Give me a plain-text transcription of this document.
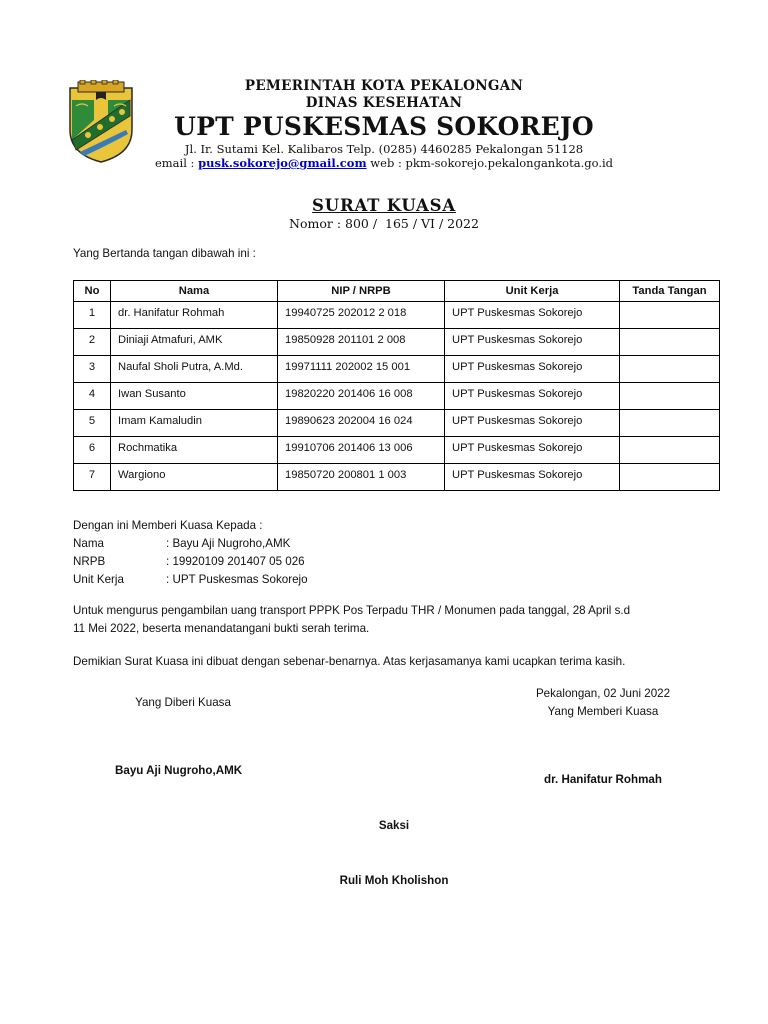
PEMERINTAH KOTA PEKALONGAN
DINAS KESEHATAN
UPT PUSKESMAS SOKOREJO
Jl. Ir. Sutami Kel. Kalibaros Telp. (0285) 4460285 Pekalongan 51128
email : pusk.sokorejo@gmail.com web : pkm-sokorejo.pekalongankota.go.id
SURAT KUASA
Nomor : 800 /  165 / VI / 2022
Yang Bertanda tangan dibawah ini :
No	Nama	NIP / NRPB	Unit Kerja	Tanda Tangan
1	dr. Hanifatur Rohmah	19940725 202012 2 018	UPT Puskesmas Sokorejo	
2	Diniaji Atmafuri, AMK	19850928 201101 2 008	UPT Puskesmas Sokorejo	
3	Naufal Sholi Putra, A.Md.	19971111 202002 15 001	UPT Puskesmas Sokorejo	
4	Iwan Susanto	19820220 201406 16 008	UPT Puskesmas Sokorejo	
5	Imam Kamaludin	19890623 202004 16 024	UPT Puskesmas Sokorejo	
6	Rochmatika	19910706 201406 13 006	UPT Puskesmas Sokorejo	
7	Wargiono	19850720 200801 1 003	UPT Puskesmas Sokorejo	
Dengan ini Memberi Kuasa Kepada :
Nama	: Bayu Aji Nugroho,AMK
NRPB	: 19920109 201407 05 026
Unit Kerja	: UPT Puskesmas Sokorejo
Untuk mengurus pengambilan uang transport PPPK Pos Terpadu THR / Monumen pada tanggal, 28 April s.d
11 Mei 2022, beserta menandatangani bukti serah terima.
Demikian Surat Kuasa ini dibuat dengan sebenar-benarnya. Atas kerjasamanya kami ucapkan terima kasih.
Yang Diberi Kuasa
Pekalongan, 02 Juni 2022
Yang Memberi Kuasa
Bayu Aji Nugroho,AMK
dr. Hanifatur Rohmah
Saksi
Ruli Moh Kholishon
